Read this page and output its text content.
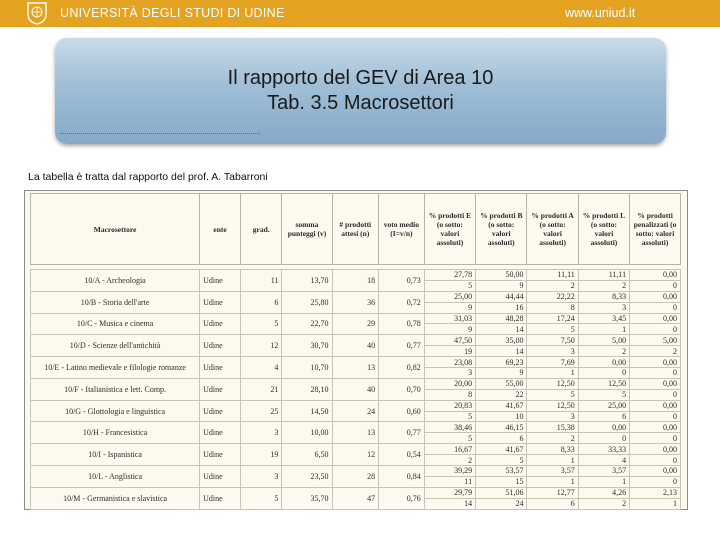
UNIVERSITÀ DEGLI STUDI DI UDINE	www.uniud.it
Il rapporto del GEV di Area 10
Tab. 3.5 Macrosettori
La tabella è tratta dal rapporto del prof. A. Tabarroni
Macrosettore	ente	grad.	somma punteggi (v)	# prodotti attesi (n)	voto medio (I=v/n)	% prodotti E (o sotto: valori assoluti)	% prodotti B (o sotto: valori assoluti)	% prodotti A (o sotto: valori assoluti)	% prodotti L (o sotto: valori assoluti)	% prodotti penalizzati (o sotto: valori assoluti)

10/A - Archeologia	Udine	11	13,70	18	0,73	27,78	50,00	11,11	11,11	0,00
						5	9	2	2	0
10/B - Storia dell'arte	Udine	6	25,80	36	0,72	25,00	44,44	22,22	8,33	0,00
						9	16	8	3	0
10/C - Musica e cinema	Udine	5	22,70	29	0,78	31,03	48,28	17,24	3,45	0,00
						9	14	5	1	0
10/D - Scienze dell'antichità	Udine	12	30,70	40	0,77	47,50	35,00	7,50	5,00	5,00
						19	14	3	2	2
10/E - Latino medievale e filologie romanze	Udine	4	10,70	13	0,82	23,08	69,23	7,69	0,00	0,00
						3	9	1	0	0
10/F - Italianistica e lett. Comp.	Udine	21	28,10	40	0,70	20,00	55,00	12,50	12,50	0,00
						8	22	5	5	0
10/G - Glottologia e linguistica	Udine	25	14,50	24	0,60	20,83	41,67	12,50	25,00	0,00
						5	10	3	6	0
10/H - Francesistica	Udine	3	10,00	13	0,77	38,46	46,15	15,38	0,00	0,00
						5	6	2	0	0
10/I - Ispanistica	Udine	19	6,50	12	0,54	16,67	41,67	8,33	33,33	0,00
						2	5	1	4	0
10/L - Anglistica	Udine	3	23,50	28	0,84	39,29	53,57	3,57	3,57	0,00
						11	15	1	1	0
10/M - Germanistica e slavistica	Udine	5	35,70	47	0,76	29,79	51,06	12,77	4,26	2,13
						14	24	6	2	1
